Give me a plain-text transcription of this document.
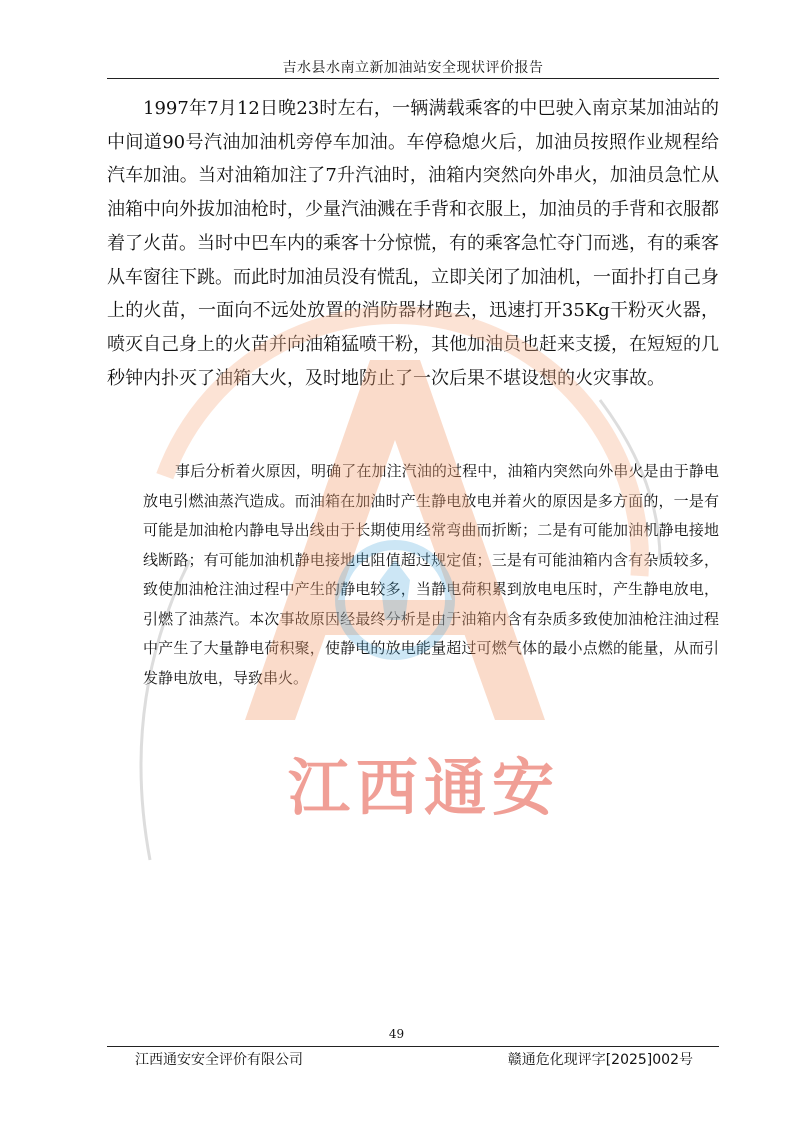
吉水县水南立新加油站安全现状评价报告

1997年7月12日晚23时左右，一辆满载乘客的中巴驶入南京某加油站的中间道90号汽油加油机旁停车加油。车停稳熄火后，加油员按照作业规程给汽车加油。当对油箱加注了7升汽油时，油箱内突然向外串火，加油员急忙从油箱中向外拔加油枪时，少量汽油溅在手背和衣服上，加油员的手背和衣服都着了火苗。当时中巴车内的乘客十分惊慌，有的乘客急忙夺门而逃，有的乘客从车窗往下跳。而此时加油员没有慌乱，立即关闭了加油机，一面扑打自己身上的火苗，一面向不远处放置的消防器材跑去，迅速打开35Kg干粉灭火器，喷灭自己身上的火苗并向油箱猛喷干粉，其他加油员也赶来支援，在短短的几秒钟内扑灭了油箱大火，及时地防止了一次后果不堪设想的火灾事故。

事后分析着火原因，明确了在加注汽油的过程中，油箱内突然向外串火是由于静电放电引燃油蒸汽造成。而油箱在加油时产生静电放电并着火的原因是多方面的，一是有可能是加油枪内静电导出线由于长期使用经常弯曲而折断；二是有可能加油机静电接地线断路；有可能加油机静电接地电阻值超过规定值；三是有可能油箱内含有杂质较多，致使加油枪注油过程中产生的静电较多，当静电荷积累到放电电压时，产生静电放电，引燃了油蒸汽。本次事故原因经最终分析是由于油箱内含有杂质多致使加油枪注油过程中产生了大量静电荷积聚，使静电的放电能量超过可燃气体的最小点燃的能量，从而引发静电放电，导致串火。

江西通安
49
江西通安安全评价有限公司	赣通危化现评字[2025]002号
